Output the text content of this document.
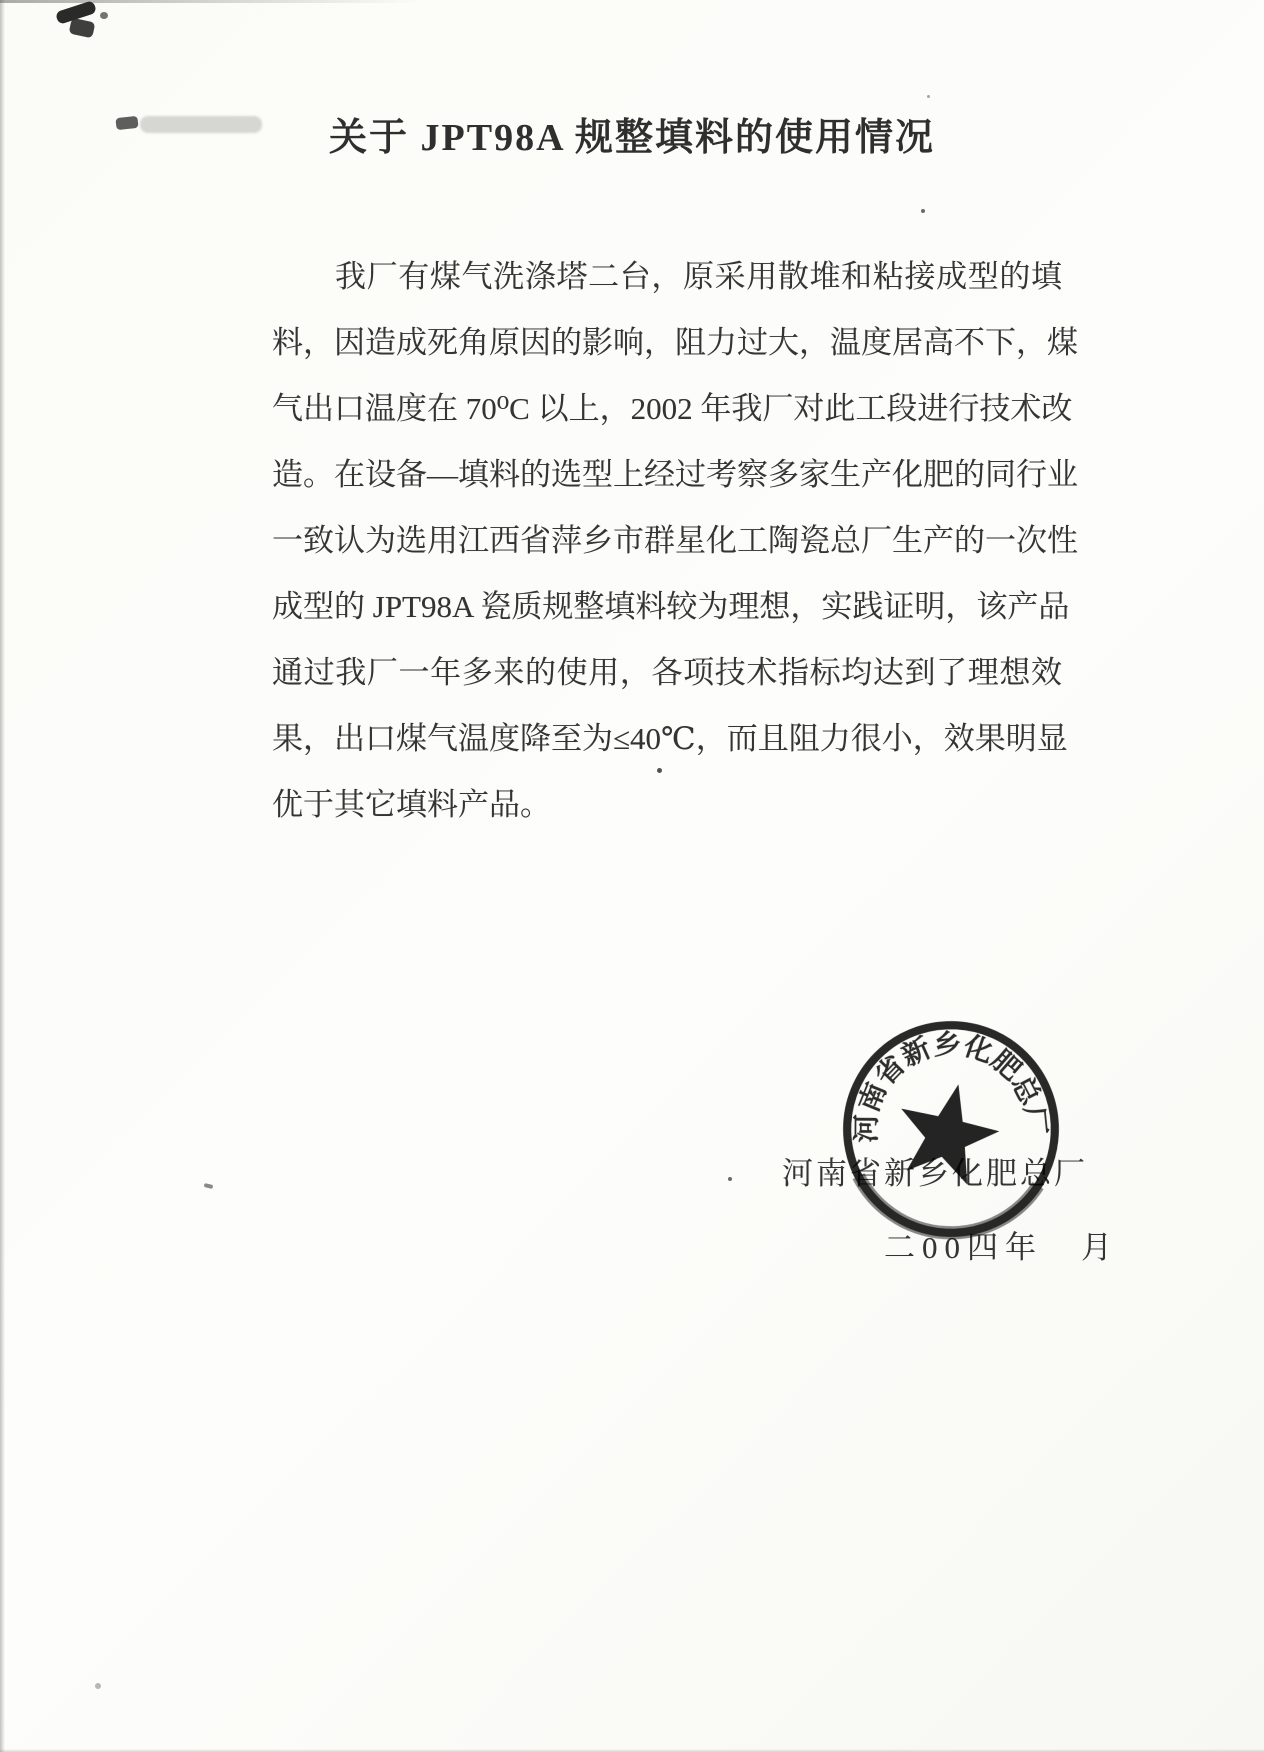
关于 JPT98A 规整填料的使用情况
我厂有煤气洗涤塔二台，原采用散堆和粘接成型的填
料，因造成死角原因的影响，阻力过大，温度居高不下，煤
气出口温度在 70⁰C 以上，2002 年我厂对此工段进行技术改
造。在设备—填料的选型上经过考察多家生产化肥的同行业
一致认为选用江西省萍乡市群星化工陶瓷总厂生产的一次性
成型的 JPT98A 瓷质规整填料较为理想，实践证明，该产品
通过我厂一年多来的使用，各项技术指标均达到了理想效
果，出口煤气温度降至为≤40℃，而且阻力很小，效果明显
优于其它填料产品。
河南省新乡化肥总厂
二00四年　月
河南省新乡化肥总厂
